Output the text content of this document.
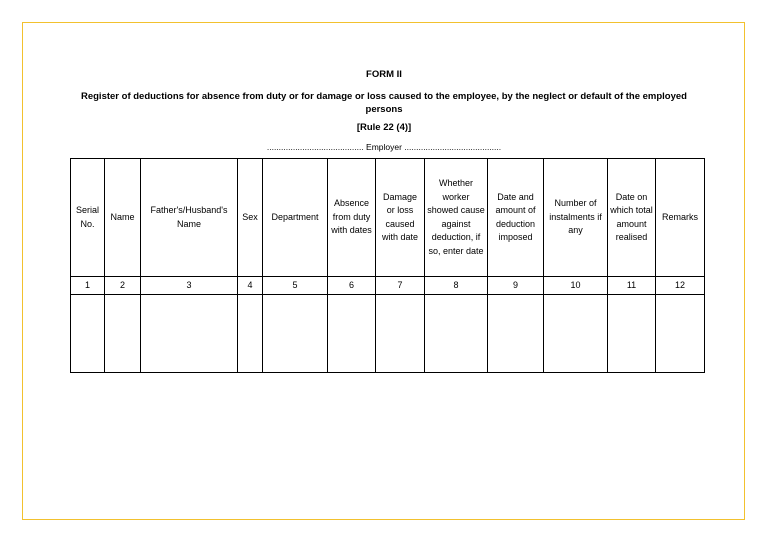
FORM II
Register of deductions for absence from duty or for damage or loss caused to the employee, by the neglect or default of the employed persons
[Rule 22 (4)]
......................................... Employer .........................................
Serial No.	Name	Father's/Husband's Name	Sex	Department	Absence from duty with dates	Damage or loss caused with date	Whether worker showed cause against deduction, if so, enter date	Date and amount of deduction imposed	Number of instalments if any	Date on which total amount realised	Remarks
1	2	3	4	5	6	7	8	9	10	11	12
